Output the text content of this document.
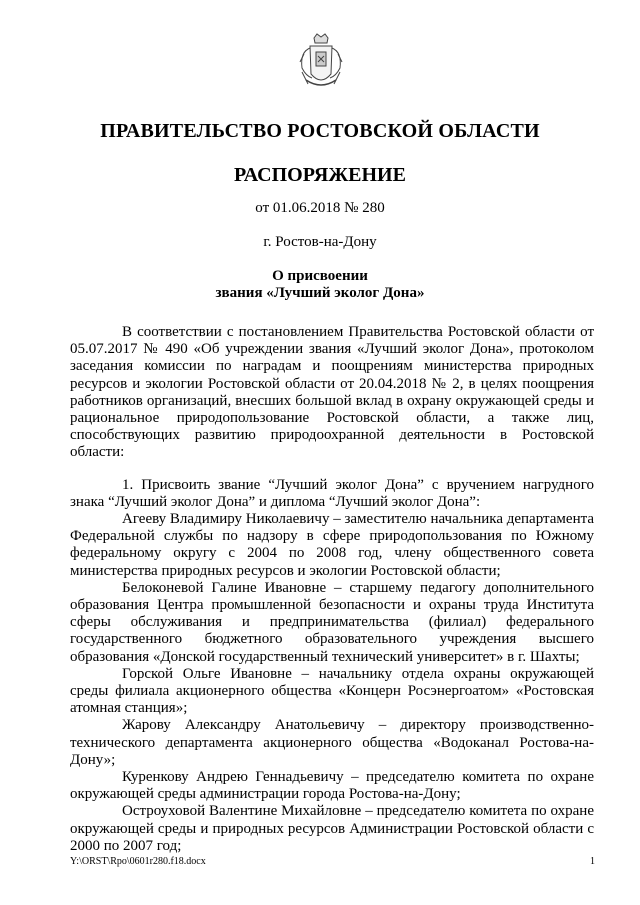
ПРАВИТЕЛЬСТВО РОСТОВСКОЙ ОБЛАСТИ
РАСПОРЯЖЕНИЕ
от 01.06.2018 № 280
г. Ростов-на-Дону
О присвоении
звания «Лучший эколог Дона»

В соответствии с постановлением Правительства Ростовской области от 05.07.2017 № 490 «Об учреждении звания «Лучший эколог Дона», протоколом заседания комиссии по наградам и поощрениям министерства природных ресурсов и экологии Ростовской области от 20.04.2018 № 2, в целях поощрения работников организаций, внесших большой вклад в охрану окружающей среды и рациональное природопользование Ростовской области, а также лиц, способствующих развитию природоохранной деятельности в Ростовской области:

1. Присвоить звание “Лучший эколог Дона” с вручением нагрудного знака “Лучший эколог Дона” и диплома “Лучший эколог Дона”:

Агееву Владимиру Николаевичу – заместителю начальника департамента Федеральной службы по надзору в сфере природопользования по Южному федеральному округу с 2004 по 2008 год, члену общественного совета министерства природных ресурсов и экологии Ростовской области;

Белоконевой Галине Ивановне – старшему педагогу дополнительного образования Центра промышленной безопасности и охраны труда Института сферы обслуживания и предпринимательства (филиал) федерального государственного бюджетного образовательного учреждения высшего образования «Донской государственный технический университет» в г. Шахты;

Горской Ольге Ивановне – начальнику отдела охраны окружающей среды филиала акционерного общества «Концерн Росэнергоатом» «Ростовская атомная станция»;

Жарову Александру Анатольевичу – директору производственно-технического департамента акционерного общества «Водоканал Ростова-на-Дону»;

Куренкову Андрею Геннадьевичу – председателю комитета по охране окружающей среды администрации города Ростова-на-Дону;

Остроуховой Валентине Михайловне – председателю комитета по охране окружающей среды и природных ресурсов Администрации Ростовской области с 2000 по 2007 год;

Y:\ORST\Rpo\0601r280.f18.docx	1
